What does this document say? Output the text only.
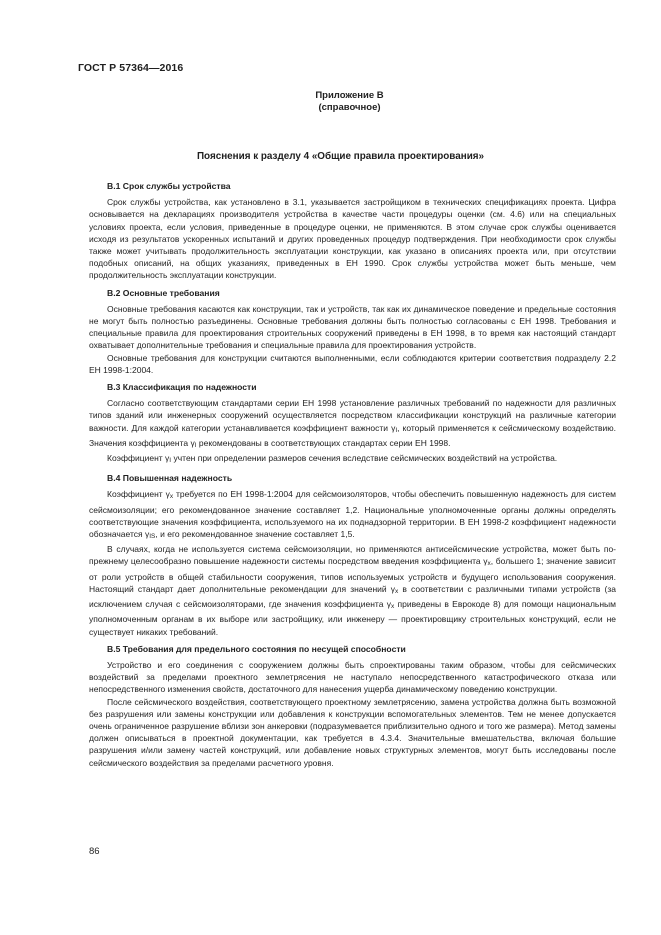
ГОСТ Р 57364—2016
Приложение В
(справочное)
Пояснения к разделу 4 «Общие правила проектирования»
В.1 Срок службы устройства

Срок службы устройства, как установлено в 3.1, указывается застройщиком в технических спецификациях проекта. Цифра основывается на декларациях производителя устройства в качестве части процедуры оценки (см. 4.6) или на специальных условиях проекта, если условия, приведенные в процедуре оценки, не применяются. В этом случае срок службы оценивается исходя из результатов ускоренных испытаний и других проведенных процедур подтверждения. При необходимости срок службы также может учитывать продолжительность эксплуатации конструкции, как указано в описаниях проекта или, при отсутствии подобных описаний, на общих указаниях, приведенных в ЕН 1990. Срок службы устройства может быть меньше, чем продолжительность эксплуатации конструкции.

В.2 Основные требования

Основные требования касаются как конструкции, так и устройств, так как их динамическое поведение и предельные состояния не могут быть полностью разъединены. Основные требования должны быть полностью согласованы с ЕН 1998. Требования и специальные правила для проектирования строительных сооружений приведены в ЕН 1998, в то время как настоящий стандарт охватывает дополнительные требования и специальные правила для проектирования устройств.

Основные требования для конструкции считаются выполненными, если соблюдаются критерии соответствия подразделу 2.2 ЕН 1998-1:2004.

В.3 Классификация по надежности

Согласно соответствующим стандартами серии ЕН 1998 установление различных требований по надежности для различных типов зданий или инженерных сооружений осуществляется посредством классификации конструкций на различные категории важности. Для каждой категории устанавливается коэффициент важности γI, который применяется к сейсмическому воздействию. Значения коэффициента γI рекомендованы в соответствующих стандартах серии ЕН 1998.

Коэффициент γI учтен при определении размеров сечения вследствие сейсмических воздействий на устройства.

В.4 Повышенная надежность

Коэффициент γx требуется по ЕН 1998-1:2004 для сейсмоизоляторов, чтобы обеспечить повышенную надежность для систем сейсмоизоляции; его рекомендованное значение составляет 1,2. Национальные уполномоченные органы должны определять соответствующие значения коэффициента, используемого на их поднадзорной территории. В ЕН 1998-2 коэффициент надежности обозначается γIS, и его рекомендованное значение составляет 1,5.

В случаях, когда не используется система сейсмоизоляции, но применяются антисейсмические устройства, может быть по-прежнему целесообразно повышение надежности системы посредством введения коэффициента γx, большего 1; значение зависит от роли устройств в общей стабильности сооружения, типов используемых устройств и будущего использования сооружения. Настоящий стандарт дает дополнительные рекомендации для значений γx в соответствии с различными типами устройств (за исключением случая с сейсмоизоляторами, где значения коэффициента γx приведены в Еврокоде 8) для помощи национальным уполномоченным органам в их выборе или застройщику, или инженеру — проектировщику строительных конструкций, если не существует никаких требований.

В.5 Требования для предельного состояния по несущей способности

Устройство и его соединения с сооружением должны быть спроектированы таким образом, чтобы для сейсмических воздействий за пределами проектного землетрясения не наступало непосредственного катастрофического отказа или непосредственного изменения свойств, достаточного для нанесения ущерба динамическому поведению конструкции.

После сейсмического воздействия, соответствующего проектному землетрясению, замена устройства должна быть возможной без разрушения или замены конструкции или добавления к конструкции вспомогательных элементов. Тем не менее допускается очень ограниченное разрушение вблизи зон анкеровки (подразумевается приблизительно одного и того же размера). Метод замены должен описываться в проектной документации, как требуется в 4.3.4. Значительные вмешательства, включая большие разрушения и/или замену частей конструкций, или добавление новых структурных элементов, могут быть исследованы после сейсмического воздействия за пределами расчетного уровня.

86
